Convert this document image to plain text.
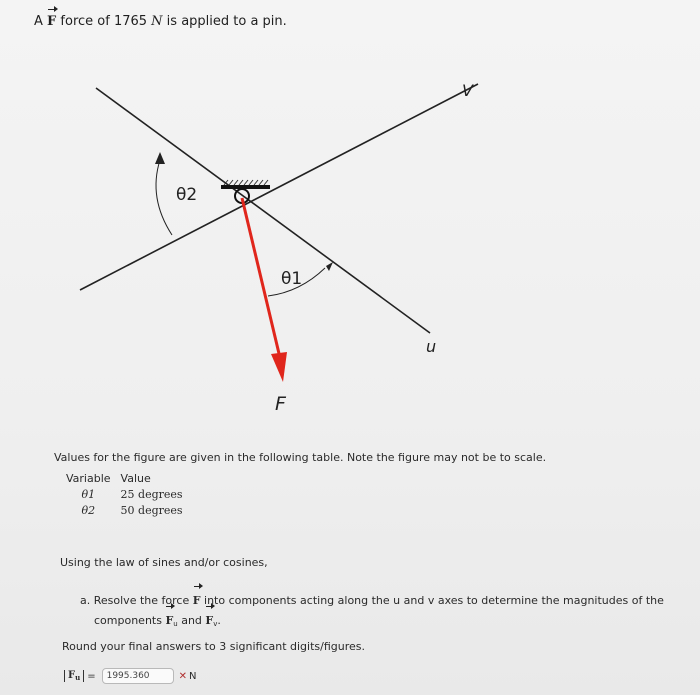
A F force of 1765 N is applied to a pin.
θ2
θ1
V
u
F
Values for the figure are given in the following table. Note the figure may not be to scale.
Variable	Value
θ1	25 degrees
θ2	50 degrees
Using the law of sines and/or cosines,
a. Resolve the force F into components acting along the u and v axes to determine the magnitudes of the
components $F_u$ and $F_v$.
Round your final answers to 3 significant digits/figures.
$F_u$ =
1995.360	✕ N
